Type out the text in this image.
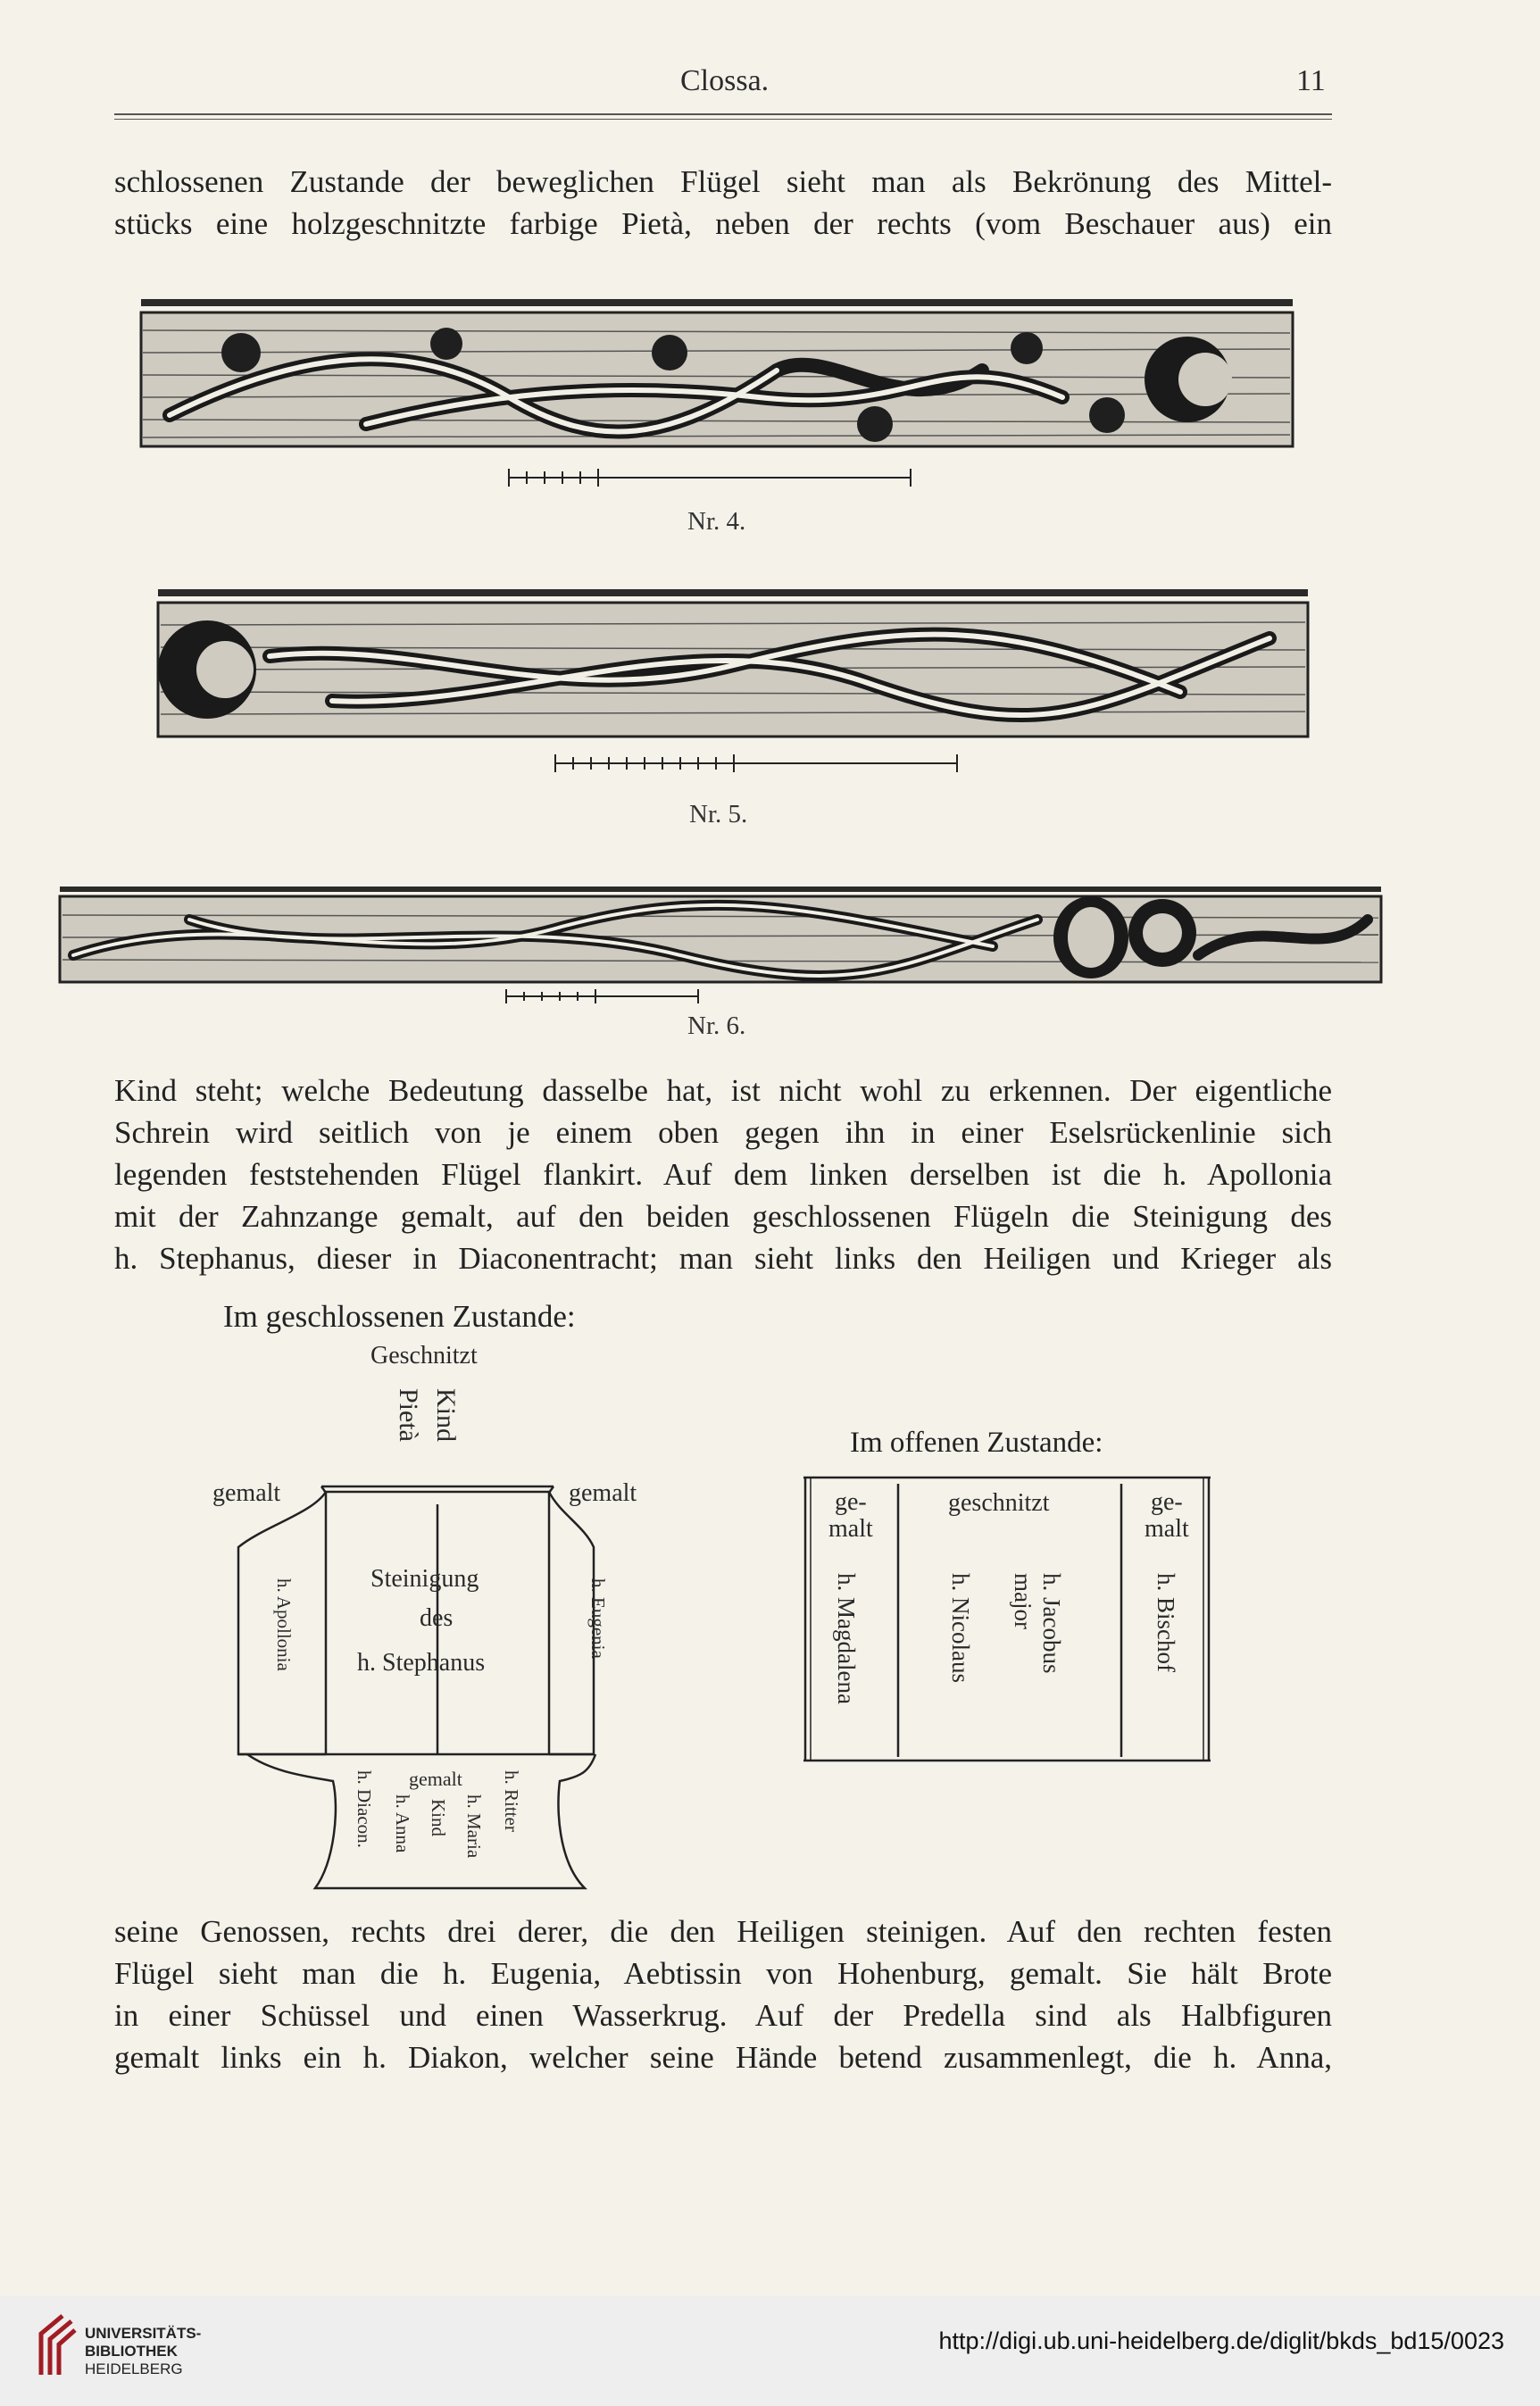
Clossa.	11
schlossenen Zustande der beweglichen Flügel sieht man als Bekrönung des Mittel-
stücks eine holzgeschnitzte farbige Pietà, neben der rechts (vom Beschauer aus) ein
Nr. 4.
Nr. 5.
Nr. 6.
Kind steht; welche Bedeutung dasselbe hat, ist nicht wohl zu erkennen. Der eigentliche
Schrein wird seitlich von je einem oben gegen ihn in einer Eselsrückenlinie sich
legenden feststehenden Flügel flankirt. Auf dem linken derselben ist die h. Apollonia
mit der Zahnzange gemalt, auf den beiden geschlossenen Flügeln die Steinigung des
h. Stephanus, dieser in Diaconentracht; man sieht links den Heiligen und Krieger als
Im geschlossenen Zustande:
Geschnitzt
Kind
Pietà
gemalt	gemalt
h. Apollonia	h. Eugenia
Steinigung
des
h. Stephanus
gemalt
h. Diacon. h. Anna Kind h. Maria h. Ritter
Im offenen Zustande:
ge-
malt
geschnitzt	ge-
malt
h. Magdalena	h. Nicolaus	h. Jacobus
major	h. Bischof
seine Genossen, rechts drei derer, die den Heiligen steinigen. Auf den rechten festen
Flügel sieht man die h. Eugenia, Aebtissin von Hohenburg, gemalt. Sie hält Brote
in einer Schüssel und einen Wasserkrug. Auf der Predella sind als Halbfiguren
gemalt links ein h. Diakon, welcher seine Hände betend zusammenlegt, die h. Anna,
UNIVERSITÄTS-
BIBLIOTHEK
HEIDELBERG
http://digi.ub.uni-heidelberg.de/diglit/bkds_bd15/0023
